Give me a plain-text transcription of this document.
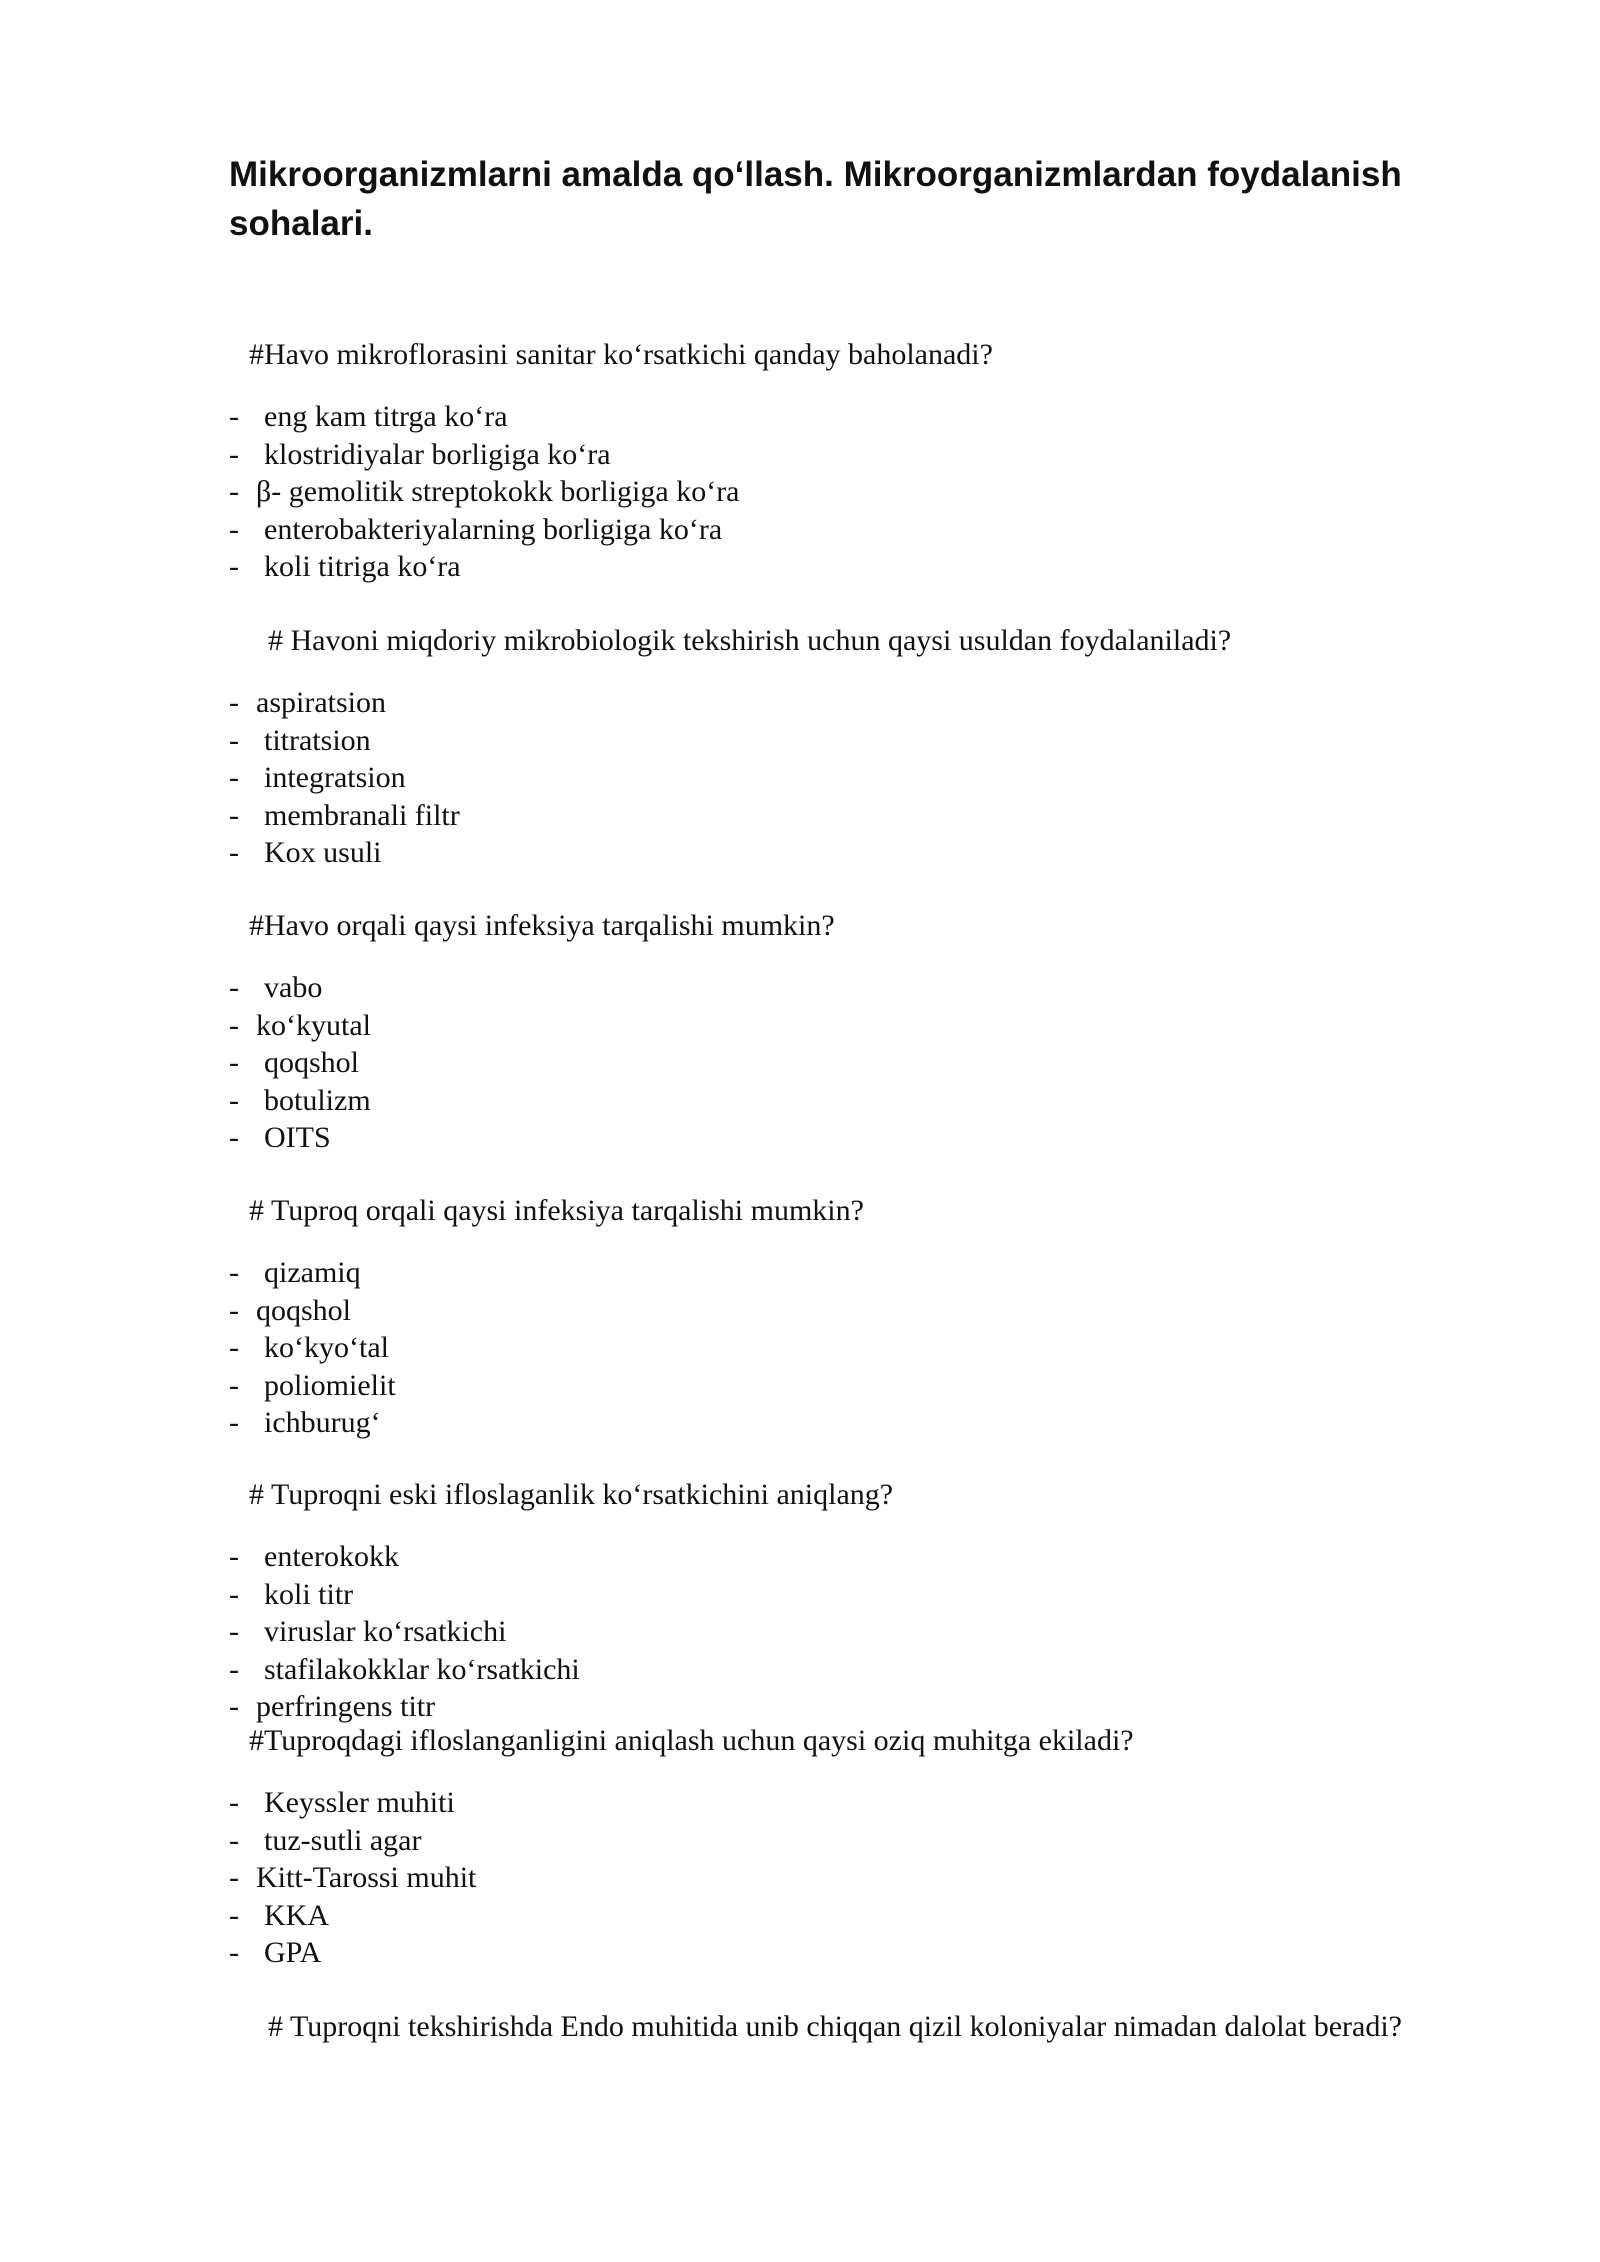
Mikroorganizmlarni amalda qo‘llash. Mikroorganizmlardan foydalanish sohalari.

#Havo mikroflorasini sanitar ko‘rsatkichi qanday baholanadi?

- eng kam titrga ko‘ra
- klostridiyalar borligiga ko‘ra
- β- gemolitik streptokokk borligiga ko‘ra
- enterobakteriyalarning borligiga ko‘ra
- koli titriga ko‘ra

# Havoni miqdoriy mikrobiologik tekshirish uchun qaysi usuldan foydalaniladi?

- aspiratsion
- titratsion
- integratsion
- membranali filtr
- Kox usuli

#Havo orqali qaysi infeksiya tarqalishi mumkin?

- vabo
- ko‘kyutal
- qoqshol
- botulizm
- OITS

# Tuproq orqali qaysi infeksiya tarqalishi mumkin?

- qizamiq
- qoqshol
- ko‘kyo‘tal
- poliomielit
- ichburug‘

# Tuproqni eski ifloslaganlik ko‘rsatkichini aniqlang?

- enterokokk
- koli titr
- viruslar ko‘rsatkichi
- stafilakokklar ko‘rsatkichi
- perfringens titr

#Tuproqdagi ifloslanganligini aniqlash uchun qaysi oziq muhitga ekiladi?

- Keyssler muhiti
- tuz-sutli agar
- Kitt-Tarossi muhit
- KKA
- GPA

# Tuproqni tekshirishda Endo muhitida unib chiqqan qizil koloniyalar nimadan dalolat beradi?
